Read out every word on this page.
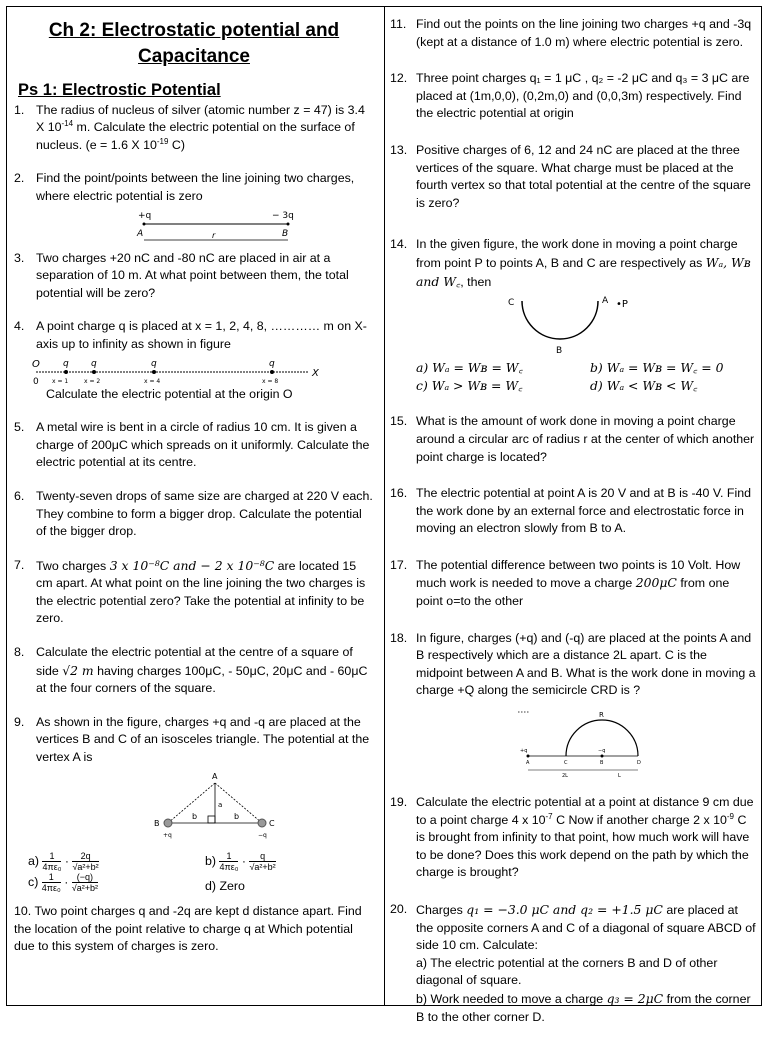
Ch 2: Electrostatic potential and Capacitance
Ps 1: Electrostic Potential
1. The radius of nucleus of silver (atomic number z = 47) is 3.4 X $10^{-14}$ m. Calculate the electric potential on the surface of nucleus. (e = 1.6 X $10^{-19}$ C)
2. Find the point/points between the line joining two charges, where electric potential is zero
+q	− 3q
A	B
r
3. Two charges +20 nC and -80 nC are placed in air at a separation of 10 m. At what point between them, the total potential will be zero?
4. A point charge q is placed at x = 1, 2, 4, 8, ………… m on X-axis up to infinity as shown in figure
O
X
q q	q	q
0 x = 1	x = 2	x = 4	x = 8
Calculate the electric potential at the origin O
5. A metal wire is bent in a circle of radius 10 cm. It is given a charge of 200μC which spreads on it uniformly. Calculate the electric potential at its centre.
6. Twenty-seven drops of same size are charged at 220 V each. They combine to form a bigger drop. Calculate the potential of the bigger drop.
7. Two charges 3 x 10⁻⁸C and − 2 x 10⁻⁸C are located 15 cm apart. At what point on the line joining the two charges is the electric potential zero? Take the potential at infinity to be zero.
8. Calculate the electric potential at the centre of a square of side √2 m having charges 100μC, - 50μC, 20μC and - 60μC at the four corners of the square.
9. As shown in the figure, charges +q and -q are placed at the vertices B and C of an isosceles triangle. The potential at the vertex A is
A
a
b	b
B	C
+q	−q
$a) \frac{1}{\text{4πε₀}} \cdot \frac{2q}{\text{√a²+b²}}$	$b) \frac{1}{\text{4πε₀}} \cdot \frac{q}{\text{√a²+b²}}$
$c) \frac{1}{\text{4πε₀}} \cdot \frac{(-q)}{\text{√a²+b²}}$	d) Zero
10. Two point charges q and -2q are kept d distance apart. Find the location of the point relative to charge q at Which potential due to this system of charges is zero.
11. Find out the points on the line joining two charges +q and -3q (kept at a distance of 1.0 m) where electric potential is zero.
12. Three point charges q₁ = 1 μC , q₂ = -2 μC and q₃ = 3 μC are placed at (1m,0,0), (0,2m,0) and (0,0,3m) respectively. Find the electric potential at origin
13. Positive charges of 6, 12 and 24 nC are placed at the three vertices of the square. What charge must be placed at the fourth vertex so that total potential at the centre of the square is zero?
14. In the given figure, the work done in moving a point charge from point P to points A, B and C are respectively as Wₐ, Wʙ and W꜀, then
C	A •P
B
a) Wₐ = Wʙ = W꜀	b) Wₐ = Wʙ = W꜀ = 0
c) Wₐ > Wʙ = W꜀	d) Wₐ < Wʙ < W꜀
15. What is the amount of work done in moving a point charge around a circular arc of radius r at the center of which another point charge is located?
16. The electric potential at point A is 20 V and at B is -40 V. Find the work done by an external force and electrostatic force in moving an electron slowly from B to A.
17. The potential difference between two points is 10 Volt. How much work is needed to move a charge 200μC from one point o=to the other
18. In figure, charges (+q) and (-q) are placed at the points A and B respectively which are a distance 2L apart. C is the midpoint between A and B. What is the work done in moving a charge +Q along the semicircle CRD is ?
R
+q	−q
A	C	B	D
2L	L
19. Calculate the electric potential at a point at distance 9 cm due to a point charge 4 x $10^{-7}$ C Now if another charge 2 x $10^{-9}$ C is brought from infinity to that point, how much work will have to be done? Does this work depend on the path by which the charge is brought?
20. Charges q₁ = −3.0 μC and q₂ = +1.5 μC are placed at the opposite corners A and C of a diagonal of square ABCD of side 10 cm. Calculate:
a) The electric potential at the corners B and D of other diagonal of square.
b) Work needed to move a charge q₃ = 2μC from the corner B to the other corner D.
